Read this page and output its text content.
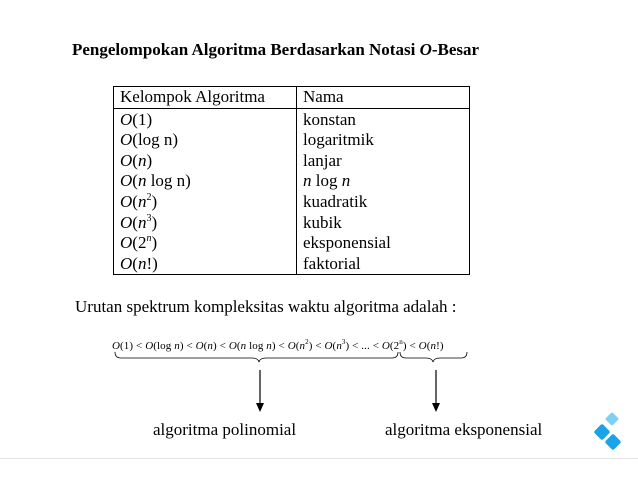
Pengelompokan Algoritma Berdasarkan Notasi O-Besar
Kelompok Algoritma	Nama
O(1)	konstan
O(log n)	logaritmik
O(n)	lanjar
O(n log n)	n log n
$O(n^2)$	kuadratik
$O(n^3)$	kubik
O(2$^n$)	eksponensial
O(n!)	faktorial
Urutan spektrum kompleksitas waktu algoritma adalah :
O(1) < O(log n) < O(n) < O(n $\log n) < O(n^2) < O(n^3)$ < ... < $O(2^n) < O(n!)$
algoritma polinomial	algoritma eksponensial
